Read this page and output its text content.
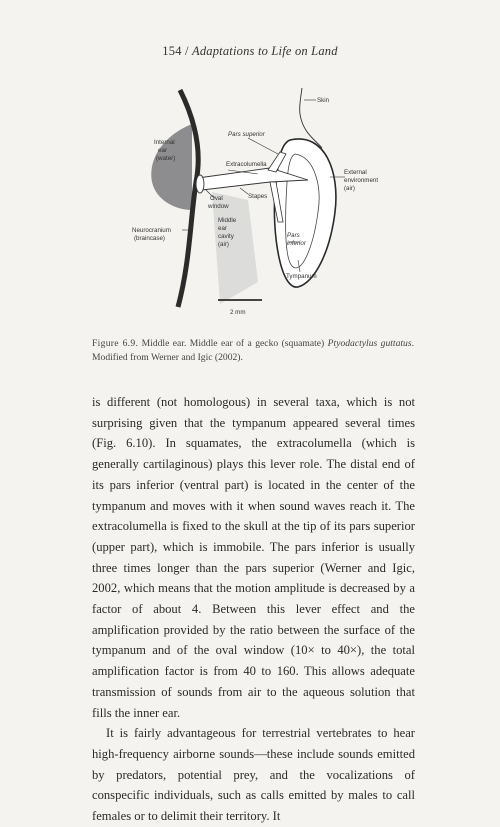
154 / Adaptations to Life on Land
Skin
Pars superior
Internal
ear
(water)
Extracolumella
External
environment
(air)
Oval
window
Stapes
Neurocranium
(braincase)
Middle
ear
cavity
(air)
Pars
inferior
Tympanum
2 mm
Figure 6.9. Middle ear. Middle ear of a gecko (squamate) Ptyodactylus guttatus. Modified from Werner and Igic (2002).

is different (not homologous) in several taxa, which is not surprising given that the tympanum appeared several times (Fig. 6.10). In squamates, the extracolumella (which is generally cartilaginous) plays this lever role. The distal end of its pars inferior (ventral part) is located in the center of the tympanum and moves with it when sound waves reach it. The extracolumella is fixed to the skull at the tip of its pars superior (upper part), which is immobile. The pars inferior is usually three times longer than the pars superior (Werner and Igic, 2002, which means that the motion amplitude is decreased by a factor of about 4. Between this lever effect and the amplification provided by the ratio between the surface of the tympanum and of the oval window (10× to 40×), the total amplification factor is from 40 to 160. This allows adequate transmission of sounds from air to the aqueous solution that fills the inner ear.

It is fairly advantageous for terrestrial vertebrates to hear high-frequency airborne sounds—these include sounds emitted by predators, potential prey, and the vocalizations of conspecific individuals, such as calls emitted by males to call females or to delimit their territory. It
